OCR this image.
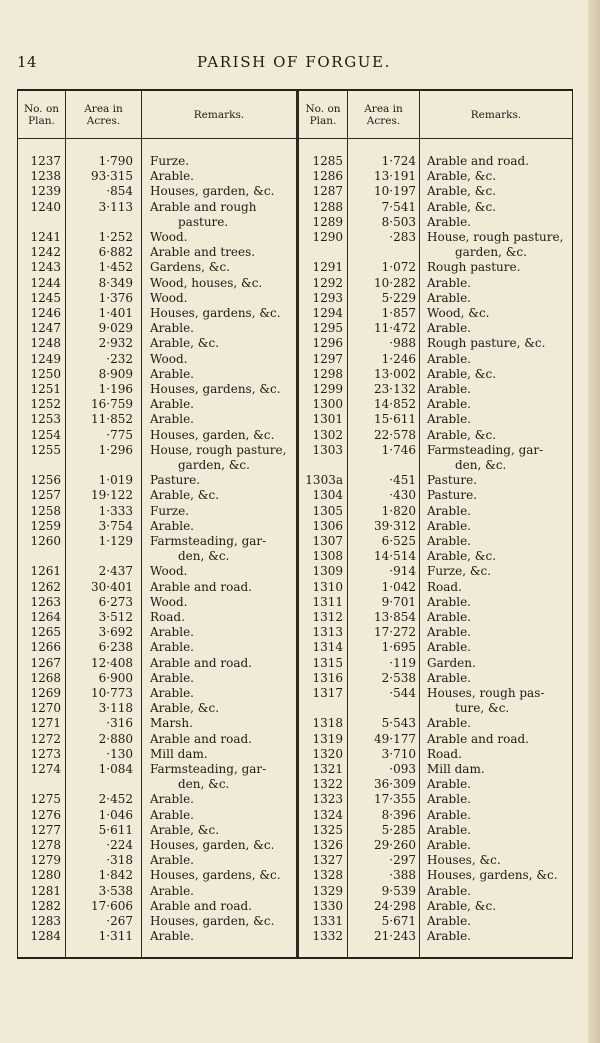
14	PARISH OF FORGUE.
No. on
Plan.
Area in
Acres.	Remarks.	No. on
Plan.
Area in
Acres.	Remarks.
1237	1·790 Furze.
1238	93·315 Arable.
1239	·854 Houses, garden, &c.
1240	3·113 Arable and rough
pasture.
1241	1·252 Wood.
1242	6·882 Arable and trees.
1243	1·452 Gardens, &c.
1244	8·349 Wood, houses, &c.
1245	1·376 Wood.
1246	1·401 Houses, gardens, &c.
1247	9·029 Arable.
1248	2·932 Arable, &c.
1249	·232 Wood.
1250	8·909 Arable.
1251	1·196 Houses, gardens, &c.
1252	16·759 Arable.
1253	11·852 Arable.
1254	·775 Houses, garden, &c.
1255	1·296 House, rough pasture,
garden, &c.
1256	1·019 Pasture.
1257	19·122 Arable, &c.
1258	1·333 Furze.
1259	3·754 Arable.
1260	1·129 Farmsteading, gar-
den, &c.
1261	2·437 Wood.
1262	30·401 Arable and road.
1263	6·273 Wood.
1264	3·512 Road.
1265	3·692 Arable.
1266	6·238 Arable.
1267	12·408 Arable and road.
1268	6·900 Arable.
1269	10·773 Arable.
1270	3·118 Arable, &c.
1271	·316 Marsh.
1272	2·880 Arable and road.
1273	·130 Mill dam.
1274	1·084 Farmsteading, gar-
den, &c.
1275	2·452 Arable.
1276	1·046 Arable.
1277	5·611 Arable, &c.
1278	·224 Houses, garden, &c.
1279	·318 Arable.
1280	1·842 Houses, gardens, &c.
1281	3·538 Arable.
1282	17·606 Arable and road.
1283	·267 Houses, garden, &c.
1284	1·311 Arable.
1285	1·724 Arable and road.
1286	13·191 Arable, &c.
1287	10·197 Arable, &c.
1288	7·541 Arable, &c.
1289	8·503 Arable.
1290	·283 House, rough pasture,
garden, &c.
1291	1·072 Rough pasture.
1292	10·282 Arable.
1293	5·229 Arable.
1294	1·857 Wood, &c.
1295	11·472 Arable.
1296	·988 Rough pasture, &c.
1297	1·246 Arable.
1298	13·002 Arable, &c.
1299	23·132 Arable.
1300	14·852 Arable.
1301	15·611 Arable.
1302	22·578 Arable, &c.
1303	1·746 Farmsteading, gar-
den, &c.
1303a	·451 Pasture.
1304	·430 Pasture.
1305	1·820 Arable.
1306	39·312 Arable.
1307	6·525 Arable.
1308	14·514 Arable, &c.
1309	·914 Furze, &c.
1310	1·042 Road.
1311	9·701 Arable.
1312	13·854 Arable.
1313	17·272 Arable.
1314	1·695 Arable.
1315	·119 Garden.
1316	2·538 Arable.
1317	·544 Houses, rough pas-
ture, &c.
1318	5·543 Arable.
1319	49·177 Arable and road.
1320	3·710 Road.
1321	·093 Mill dam.
1322	36·309 Arable.
1323	17·355 Arable.
1324	8·396 Arable.
1325	5·285 Arable.
1326	29·260 Arable.
1327	·297 Houses, &c.
1328	·388 Houses, gardens, &c.
1329	9·539 Arable.
1330	24·298 Arable, &c.
1331	5·671 Arable.
1332	21·243 Arable.
